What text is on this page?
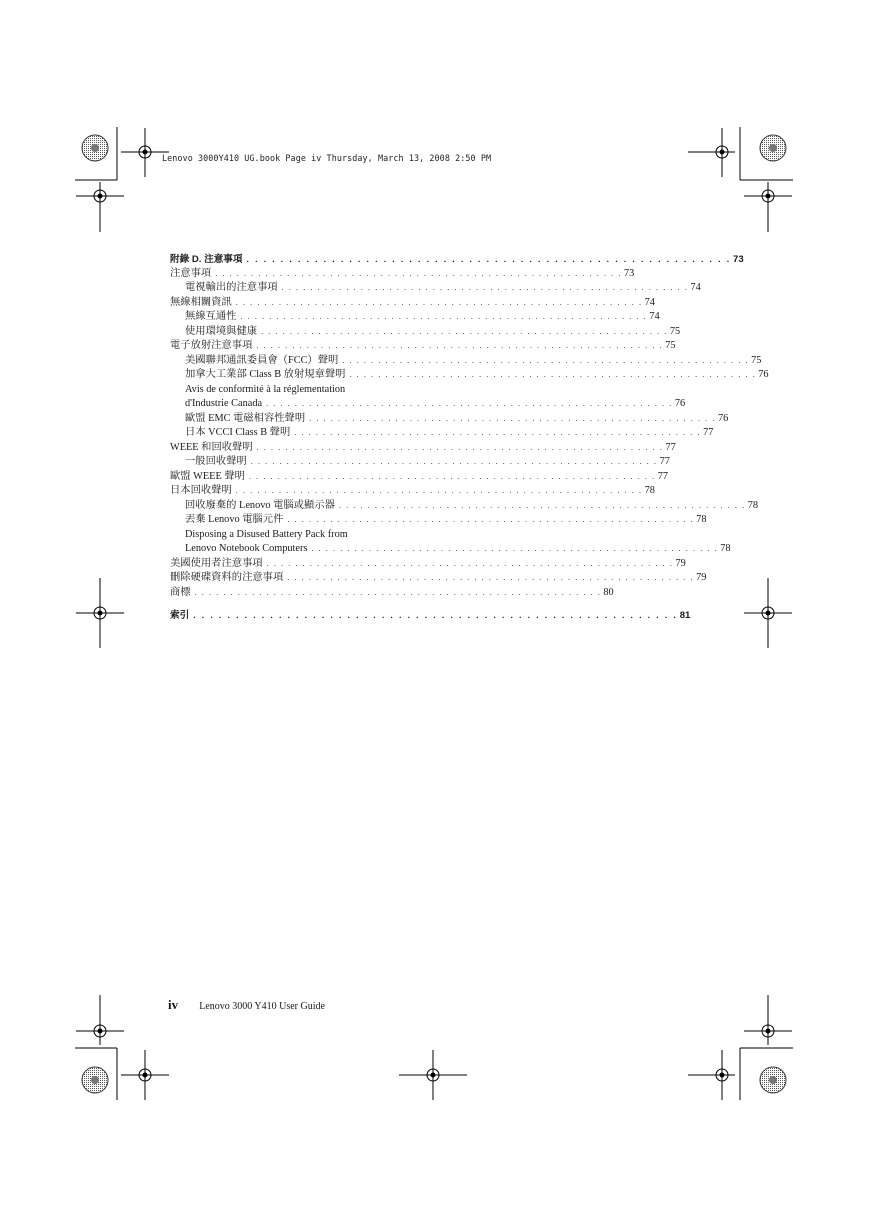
Lenovo 3000Y410 UG.book Page iv Thursday, March 13, 2008 2:50 PM
附錄 D. 注意事項 . . . . . . . . . . . . . . . . . . . . . . . . . . . . . . . . . . . . . . . . . . . . . . . . . . . . . . . . . 73
注意事項 . . . . . . . . . . . . . . . . . . . . . . . . . . . . . . . . . . . . . . . . . . . . . . . . . . . . . . . . . 73
電視輸出的注意事項 . . . . . . . . . . . . . . . . . . . . . . . . . . . . . . . . . . . . . . . . . . . . . . . . . . . . . . . . . 74
無線相關資訊 . . . . . . . . . . . . . . . . . . . . . . . . . . . . . . . . . . . . . . . . . . . . . . . . . . . . . . . . . 74
無線互通性 . . . . . . . . . . . . . . . . . . . . . . . . . . . . . . . . . . . . . . . . . . . . . . . . . . . . . . . . . 74
使用環境與健康 . . . . . . . . . . . . . . . . . . . . . . . . . . . . . . . . . . . . . . . . . . . . . . . . . . . . . . . . . 75
電子放射注意事項 . . . . . . . . . . . . . . . . . . . . . . . . . . . . . . . . . . . . . . . . . . . . . . . . . . . . . . . . . 75
美國聯邦通訊委員會（FCC）聲明 . . . . . . . . . . . . . . . . . . . . . . . . . . . . . . . . . . . . . . . . . . . . . . . . . . . . . . . . . 75
加拿大工業部 Class B 放射規章聲明 . . . . . . . . . . . . . . . . . . . . . . . . . . . . . . . . . . . . . . . . . . . . . . . . . . . . . . . . . 76
Avis de conformité à la réglementation
d'Industrie Canada . . . . . . . . . . . . . . . . . . . . . . . . . . . . . . . . . . . . . . . . . . . . . . . . . . . . . . . . . 76
歐盟 EMC 電磁相容性聲明 . . . . . . . . . . . . . . . . . . . . . . . . . . . . . . . . . . . . . . . . . . . . . . . . . . . . . . . . . 76
日本 VCCI Class B 聲明 . . . . . . . . . . . . . . . . . . . . . . . . . . . . . . . . . . . . . . . . . . . . . . . . . . . . . . . . . 77
WEEE 和回收聲明 . . . . . . . . . . . . . . . . . . . . . . . . . . . . . . . . . . . . . . . . . . . . . . . . . . . . . . . . . 77
一般回收聲明 . . . . . . . . . . . . . . . . . . . . . . . . . . . . . . . . . . . . . . . . . . . . . . . . . . . . . . . . . 77
歐盟 WEEE 聲明 . . . . . . . . . . . . . . . . . . . . . . . . . . . . . . . . . . . . . . . . . . . . . . . . . . . . . . . . . 77
日本回收聲明 . . . . . . . . . . . . . . . . . . . . . . . . . . . . . . . . . . . . . . . . . . . . . . . . . . . . . . . . . 78
回收廢棄的 Lenovo 電腦或顯示器 . . . . . . . . . . . . . . . . . . . . . . . . . . . . . . . . . . . . . . . . . . . . . . . . . . . . . . . . . 78
丟棄 Lenovo 電腦元件 . . . . . . . . . . . . . . . . . . . . . . . . . . . . . . . . . . . . . . . . . . . . . . . . . . . . . . . . . 78
Disposing a Disused Battery Pack from
Lenovo Notebook Computers . . . . . . . . . . . . . . . . . . . . . . . . . . . . . . . . . . . . . . . . . . . . . . . . . . . . . . . . . 78
美國使用者注意事項 . . . . . . . . . . . . . . . . . . . . . . . . . . . . . . . . . . . . . . . . . . . . . . . . . . . . . . . . . 79
刪除硬碟資料的注意事項 . . . . . . . . . . . . . . . . . . . . . . . . . . . . . . . . . . . . . . . . . . . . . . . . . . . . . . . . . 79
商標 . . . . . . . . . . . . . . . . . . . . . . . . . . . . . . . . . . . . . . . . . . . . . . . . . . . . . . . . . 80
索引 . . . . . . . . . . . . . . . . . . . . . . . . . . . . . . . . . . . . . . . . . . . . . . . . . . . . . . . . . 81
iv Lenovo 3000 Y410 User Guide
